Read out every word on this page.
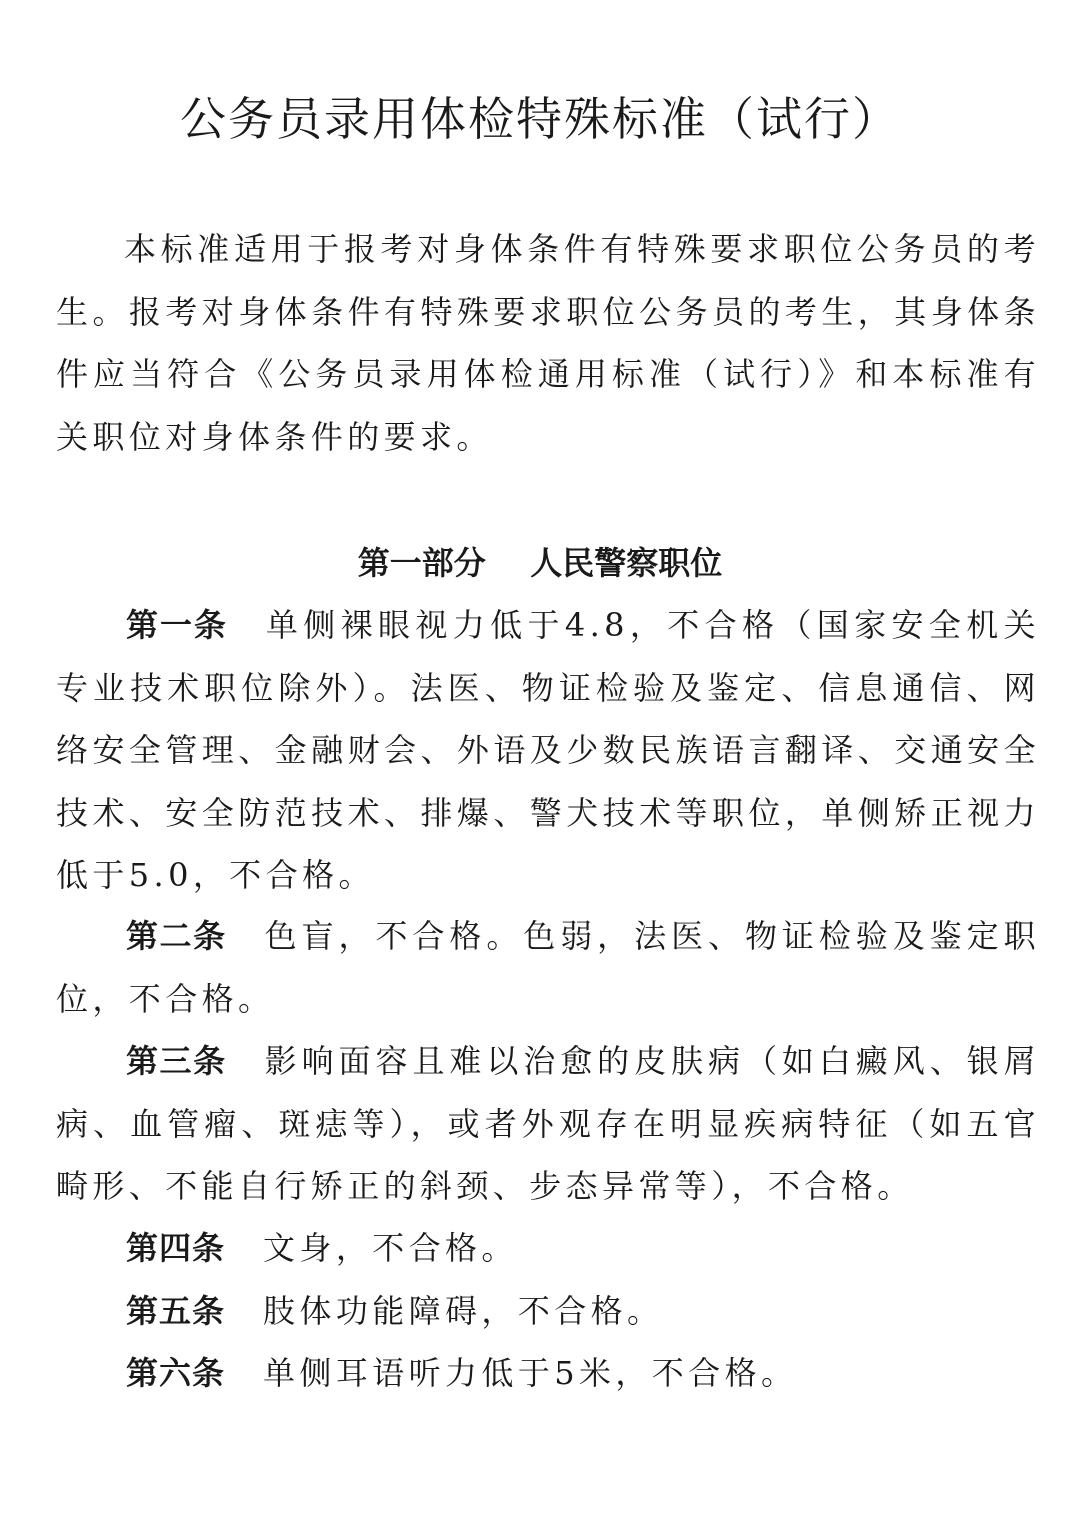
公务员录用体检特殊标准（试行）

本标准适用于报考对身体条件有特殊要求职位公务员的考生。报考对身体条件有特殊要求职位公务员的考生，其身体条件应当符合《公务员录用体检通用标准（试行）》和本标准有关职位对身体条件的要求。

第一部分    人民警察职位

第一条 单侧裸眼视力低于4.8，不合格（国家安全机关专业技术职位除外）。法医、物证检验及鉴定、信息通信、网络安全管理、金融财会、外语及少数民族语言翻译、交通安全技术、安全防范技术、排爆、警犬技术等职位，单侧矫正视力低于5.0，不合格。

第二条 色盲，不合格。色弱，法医、物证检验及鉴定职位，不合格。

第三条 影响面容且难以治愈的皮肤病（如白癜风、银屑病、血管瘤、斑痣等），或者外观存在明显疾病特征（如五官畸形、不能自行矫正的斜颈、步态异常等），不合格。

第四条 文身，不合格。

第五条 肢体功能障碍，不合格。

第六条 单侧耳语听力低于5米，不合格。
